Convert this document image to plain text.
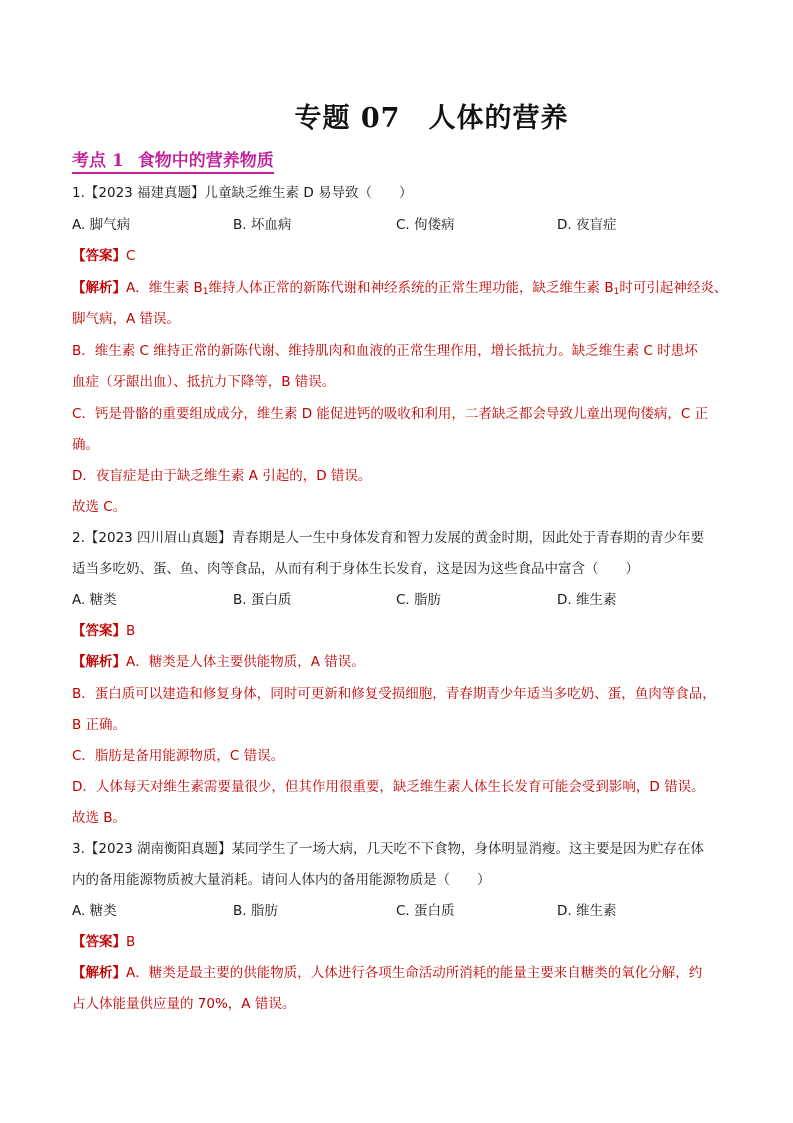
专题 07 人体的营养
考点 1 食物中的营养物质
1.【2023 福建真题】儿童缺乏维生素 D 易导致（　　）
A. 脚气病	B. 坏血病	C. 佝偻病	D. 夜盲症
【答案】C
【解析】A．维生素 $B_1$维持人体正常的新陈代谢和神经系统的正常生理功能，缺乏维生素 $B_1$时可引起神经炎、
脚气病，A 错误。
B．维生素 C 维持正常的新陈代谢、维持肌肉和血液的正常生理作用，增长抵抗力。缺乏维生素 C 时患坏
血症（牙龈出血）、抵抗力下降等，B 错误。
C．钙是骨骼的重要组成成分，维生素 D 能促进钙的吸收和利用，二者缺乏都会导致儿童出现佝偻病，C 正
确。
D．夜盲症是由于缺乏维生素 A 引起的，D 错误。
故选 C。
2.【2023 四川眉山真题】青春期是人一生中身体发育和智力发展的黄金时期，因此处于青春期的青少年要
适当多吃奶、蛋、鱼、肉等食品，从而有利于身体生长发育，这是因为这些食品中富含（　　）
A. 糖类	B. 蛋白质	C. 脂肪	D. 维生素
【答案】B
【解析】A．糖类是人体主要供能物质，A 错误。
B．蛋白质可以建造和修复身体，同时可更新和修复受损细胞，青春期青少年适当多吃奶、蛋，鱼肉等食品，
B 正确。
C．脂肪是备用能源物质，C 错误。
D．人体每天对维生素需要量很少，但其作用很重要，缺乏维生素人体生长发育可能会受到影响，D 错误。
故选 B。
3.【2023 湖南衡阳真题】某同学生了一场大病，几天吃不下食物，身体明显消瘦。这主要是因为贮存在体
内的备用能源物质被大量消耗。请问人体内的备用能源物质是（　　）
A. 糖类	B. 脂肪	C. 蛋白质	D. 维生素
【答案】B
【解析】A．糖类是最主要的供能物质，人体进行各项生命活动所消耗的能量主要来自糖类的氧化分解，约
占人体能量供应量的 70%，A 错误。
